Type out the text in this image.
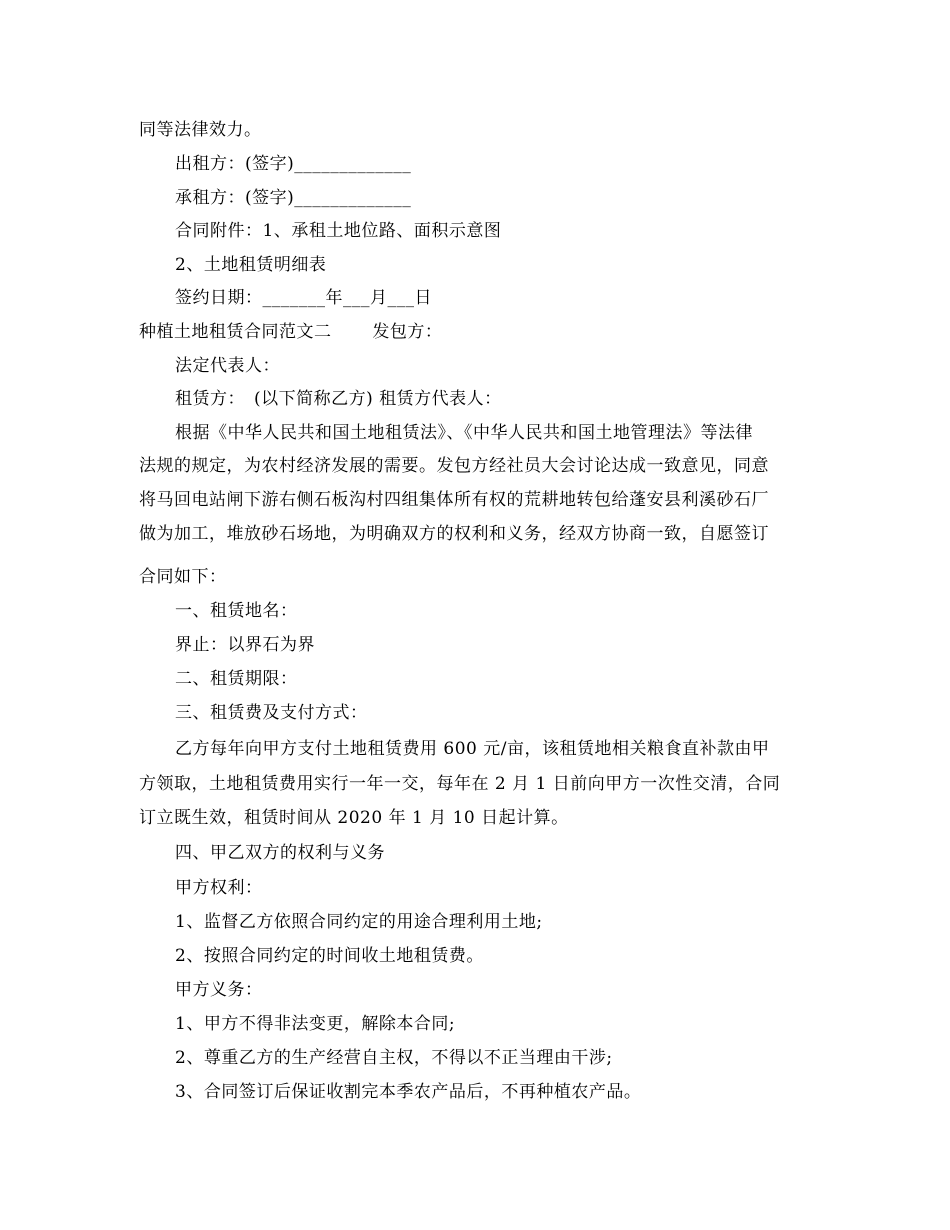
同等法律效力。
出租方：(签字)_____________
承租方：(签字)_____________
合同附件：1、承租土地位路、面积示意图
2、土地租赁明细表
签约日期：_______年___月___日
种植土地租赁合同范文二　　 发包方：
法定代表人：
租赁方：　(以下简称乙方) 租赁方代表人：
根据《中华人民共和国土地租赁法》、《中华人民共和国土地管理法》等法律
法规的规定，为农村经济发展的需要。发包方经社员大会讨论达成一致意见，同意
将马回电站闸下游右侧石板沟村四组集体所有权的荒耕地转包给蓬安县利溪砂石厂
做为加工，堆放砂石场地，为明确双方的权利和义务，经双方协商一致，自愿签订
合同如下：
一、租赁地名：
界止：以界石为界
二、租赁期限：
三、租赁费及支付方式：
乙方每年向甲方支付土地租赁费用 600 元/亩，该租赁地相关粮食直补款由甲
方领取，土地租赁费用实行一年一交，每年在 2 月 1 日前向甲方一次性交清，合同
订立既生效，租赁时间从 2020 年 1 月 10 日起计算。
四、甲乙双方的权利与义务
甲方权利：
1、监督乙方依照合同约定的用途合理利用土地;
2、按照合同约定的时间收土地租赁费。
甲方义务：
1、甲方不得非法变更，解除本合同;
2、尊重乙方的生产经营自主权，不得以不正当理由干涉;
3、合同签订后保证收割完本季农产品后，不再种植农产品。
